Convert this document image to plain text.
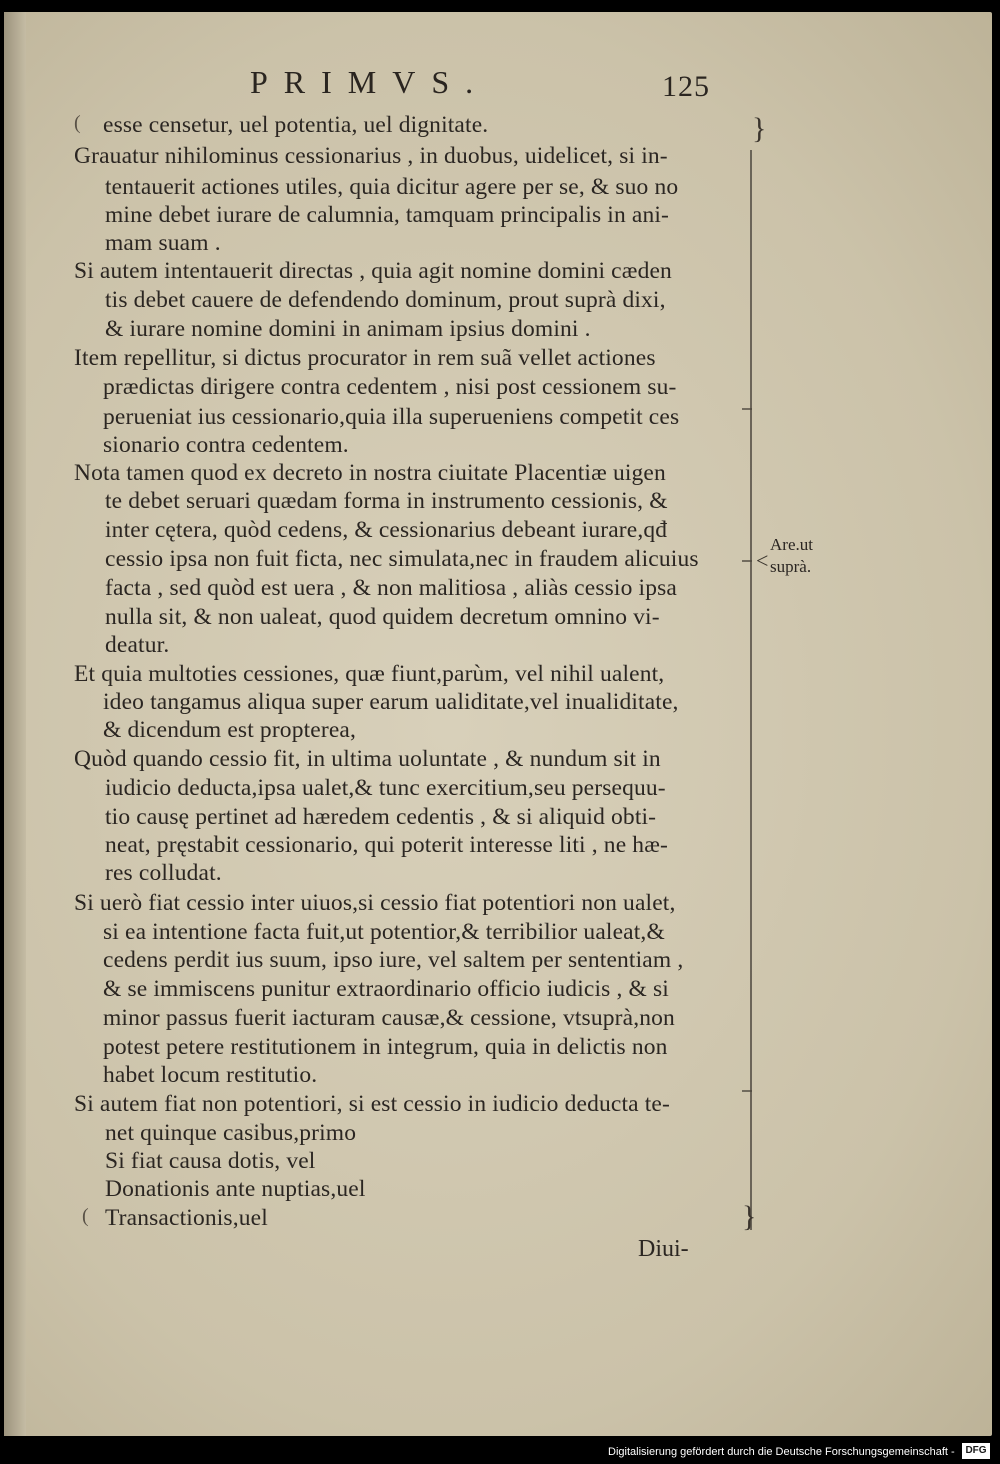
PRIMVS.	125
esse censetur, uel potentia, uel dignitate.
Grauatur nihilominus cessionarius , in duobus, uidelicet, si in-
tentauerit actiones utiles, quia dicitur agere per se, & suo no
mine debet iurare de calumnia, tamquam principalis in ani-
mam suam .
Si autem intentauerit directas , quia agit nomine domini cæden
tis debet cauere de defendendo dominum, prout suprà dixi,
& iurare nomine domini in animam ipsius domini .
Item repellitur, si dictus procurator in rem suã vellet actiones
prædictas dirigere contra cedentem , nisi post cessionem su-
perueniat ius cessionario,quia illa superueniens competit ces
sionario contra cedentem.
Nota tamen quod ex decreto in nostra ciuitate Placentiæ uigen
te debet seruari quædam forma in instrumento cessionis, &
inter cętera, quòd cedens, & cessionarius debeant iurare,qđ
cessio ipsa non fuit ficta, nec simulata,nec in fraudem alicuius
facta , sed quòd est uera , & non malitiosa , aliàs cessio ipsa
nulla sit, & non ualeat, quod quidem decretum omnino vi-
deatur.
Et quia multoties cessiones, quæ fiunt,parùm, vel nihil ualent,
ideo tangamus aliqua super earum ualiditate,vel inualiditate,
& dicendum est propterea,
Quòd quando cessio fit, in ultima uoluntate , & nundum sit in
iudicio deducta,ipsa ualet,& tunc exercitium,seu persequu-
tio causę pertinet ad hæredem cedentis , & si aliquid obti-
neat, pręstabit cessionario, qui poterit interesse liti , ne hæ-
res colludat.
Si uerò fiat cessio inter uiuos,si cessio fiat potentiori non ualet,
si ea intentione facta fuit,ut potentior,& terribilior ualeat,&
cedens perdit ius suum, ipso iure, vel saltem per sententiam ,
& se immiscens punitur extraordinario officio iudicis , & si
minor passus fuerit iacturam causæ,& cessione, vtsuprà,non
potest petere restitutionem in integrum, quia in delictis non
habet locum restitutio.
Si autem fiat non potentiori, si est cessio in iudicio deducta te-
net quinque casibus,primo
Si fiat causa dotis, vel
Donationis ante nuptias,uel
Transactionis,uel
}
}
<
(
(
Are.ut
suprà.
Diui-
Digitalisierung gefördert durch die Deutsche Forschungsgemeinschaft -	DFG
